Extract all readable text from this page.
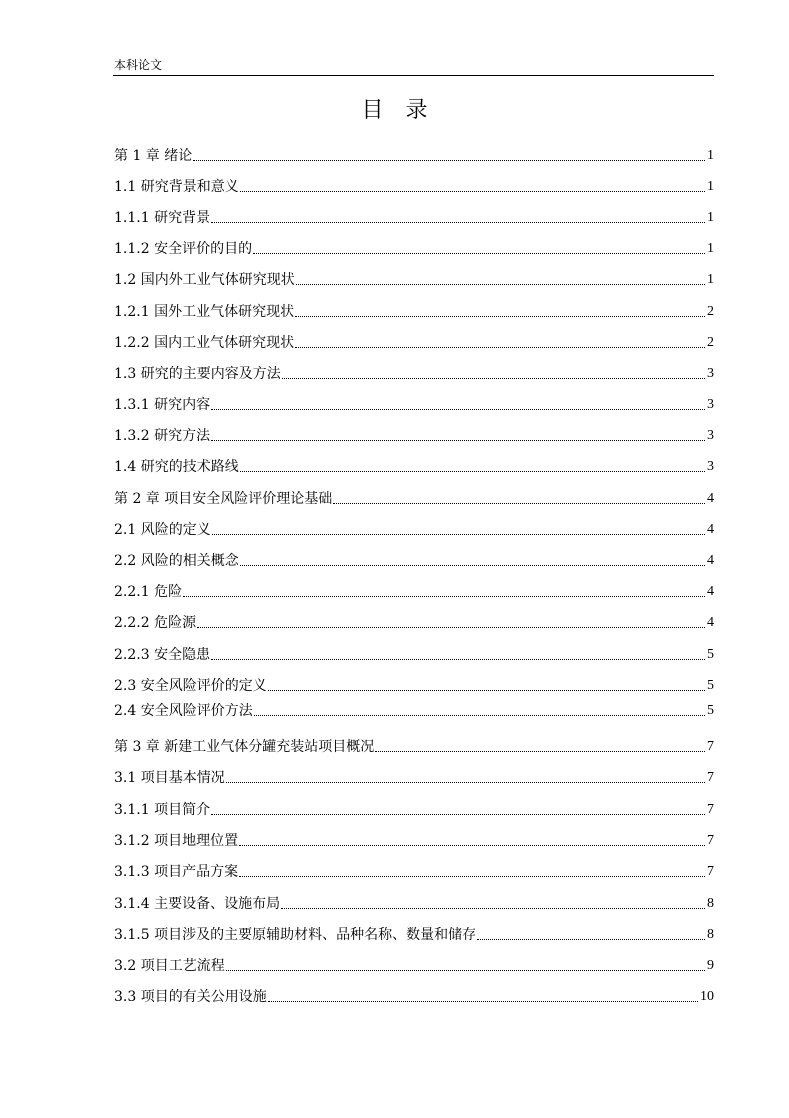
本科论文
目　录
第 1 章 绪论	1
1.1 研究背景和意义	1
1.1.1 研究背景	1
1.1.2 安全评价的目的	1
1.2 国内外工业气体研究现状	1
1.2.1 国外工业气体研究现状	2
1.2.2 国内工业气体研究现状	2
1.3 研究的主要内容及方法	3
1.3.1 研究内容	3
1.3.2 研究方法	3
1.4 研究的技术路线	3
第 2 章 项目安全风险评价理论基础	4
2.1 风险的定义	4
2.2 风险的相关概念	4
2.2.1 危险	4
2.2.2 危险源	4
2.2.3 安全隐患	5
2.3 安全风险评价的定义	5
2.4 安全风险评价方法	5
第 3 章 新建工业气体分罐充装站项目概况	7
3.1 项目基本情况	7
3.1.1 项目简介	7
3.1.2 项目地理位置	7
3.1.3 项目产品方案	7
3.1.4 主要设备、设施布局	8
3.1.5 项目涉及的主要原辅助材料、品种名称、数量和储存	8
3.2 项目工艺流程	9
3.3 项目的有关公用设施	10
